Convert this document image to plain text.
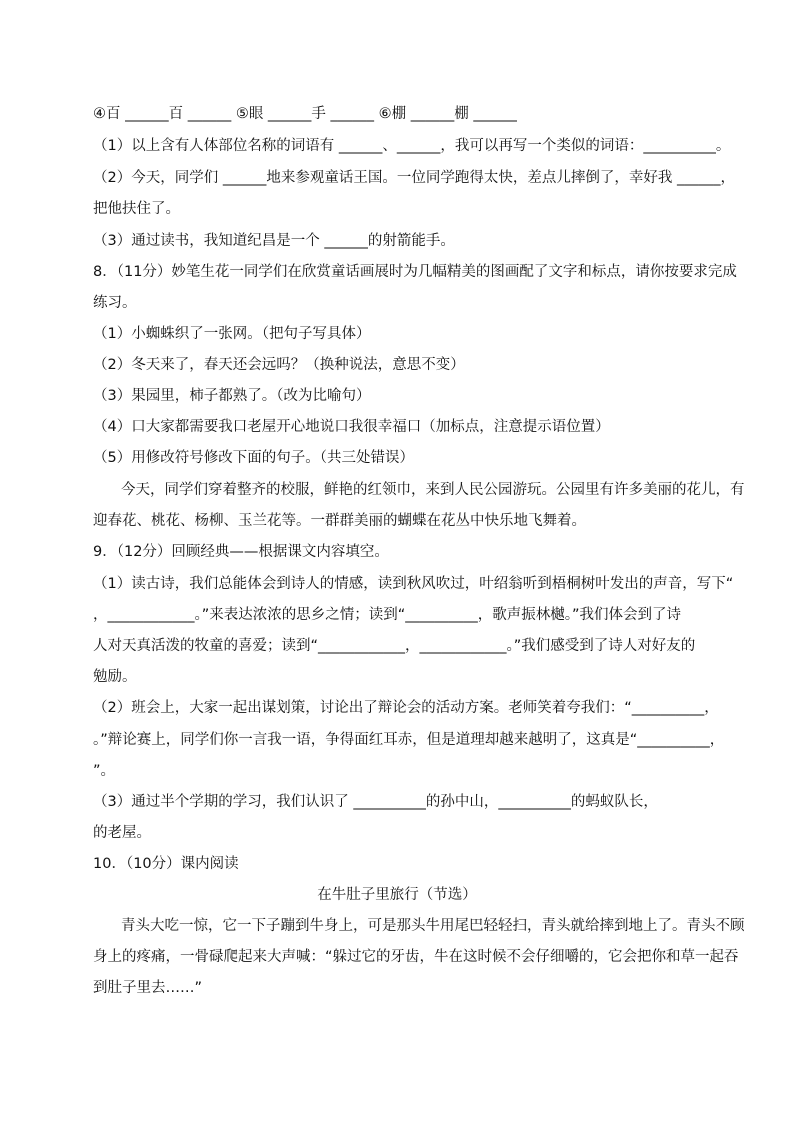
④百 ______百 ______ ⑤眼 ______手 ______ ⑥棚 ______棚 ______
（1）以上含有人体部位名称的词语有 ______、______，我可以再写一个类似的词语：__________。
（2）今天，同学们 ______地来参观童话王国。一位同学跑得太快，差点儿摔倒了，幸好我 ______，
把他扶住了。
（3）通过读书，我知道纪昌是一个 ______的射箭能手。
8．（11分）妙笔生花一同学们在欣赏童话画展时为几幅精美的图画配了文字和标点，请你按要求完成
练习。
（1）小蜘蛛织了一张网。（把句子写具体）
（2）冬天来了，春天还会远吗？（换种说法，意思不变）
（3）果园里，柿子都熟了。（改为比喻句）
（4）口大家都需要我口老屋开心地说口我很幸福口（加标点，注意提示语位置）
（5）用修改符号修改下面的句子。（共三处错误）
今天，同学们穿着整齐的校服，鲜艳的红领巾，来到人民公园游玩。公园里有许多美丽的花儿，有
迎春花、桃花、杨柳、玉兰花等。一群群美丽的蝴蝶在花丛中快乐地飞舞着。
9．（12分）回顾经典——根据课文内容填空。
（1）读古诗，我们总能体会到诗人的情感，读到秋风吹过，叶绍翁听到梧桐树叶发出的声音，写下“
，____________。”来表达浓浓的思乡之情；读到“__________，歌声振林樾。”我们体会到了诗
人对天真活泼的牧童的喜爱；读到“____________，____________。”我们感受到了诗人对好友的
勉励。
（2）班会上，大家一起出谋划策，讨论出了辩论会的活动方案。老师笑着夸我们：“__________，
。”辩论赛上，同学们你一言我一语，争得面红耳赤，但是道理却越来越明了，这真是“__________，
”。
（3）通过半个学期的学习，我们认识了 __________的孙中山，__________的蚂蚁队长，
的老屋。
10．（10分）课内阅读
在牛肚子里旅行（节选）
青头大吃一惊，它一下子蹦到牛身上，可是那头牛用尾巴轻轻扫，青头就给摔到地上了。青头不顾
身上的疼痛，一骨碌爬起来大声喊：“躲过它的牙齿，牛在这时候不会仔细嚼的，它会把你和草一起吞
到肚子里去……”
